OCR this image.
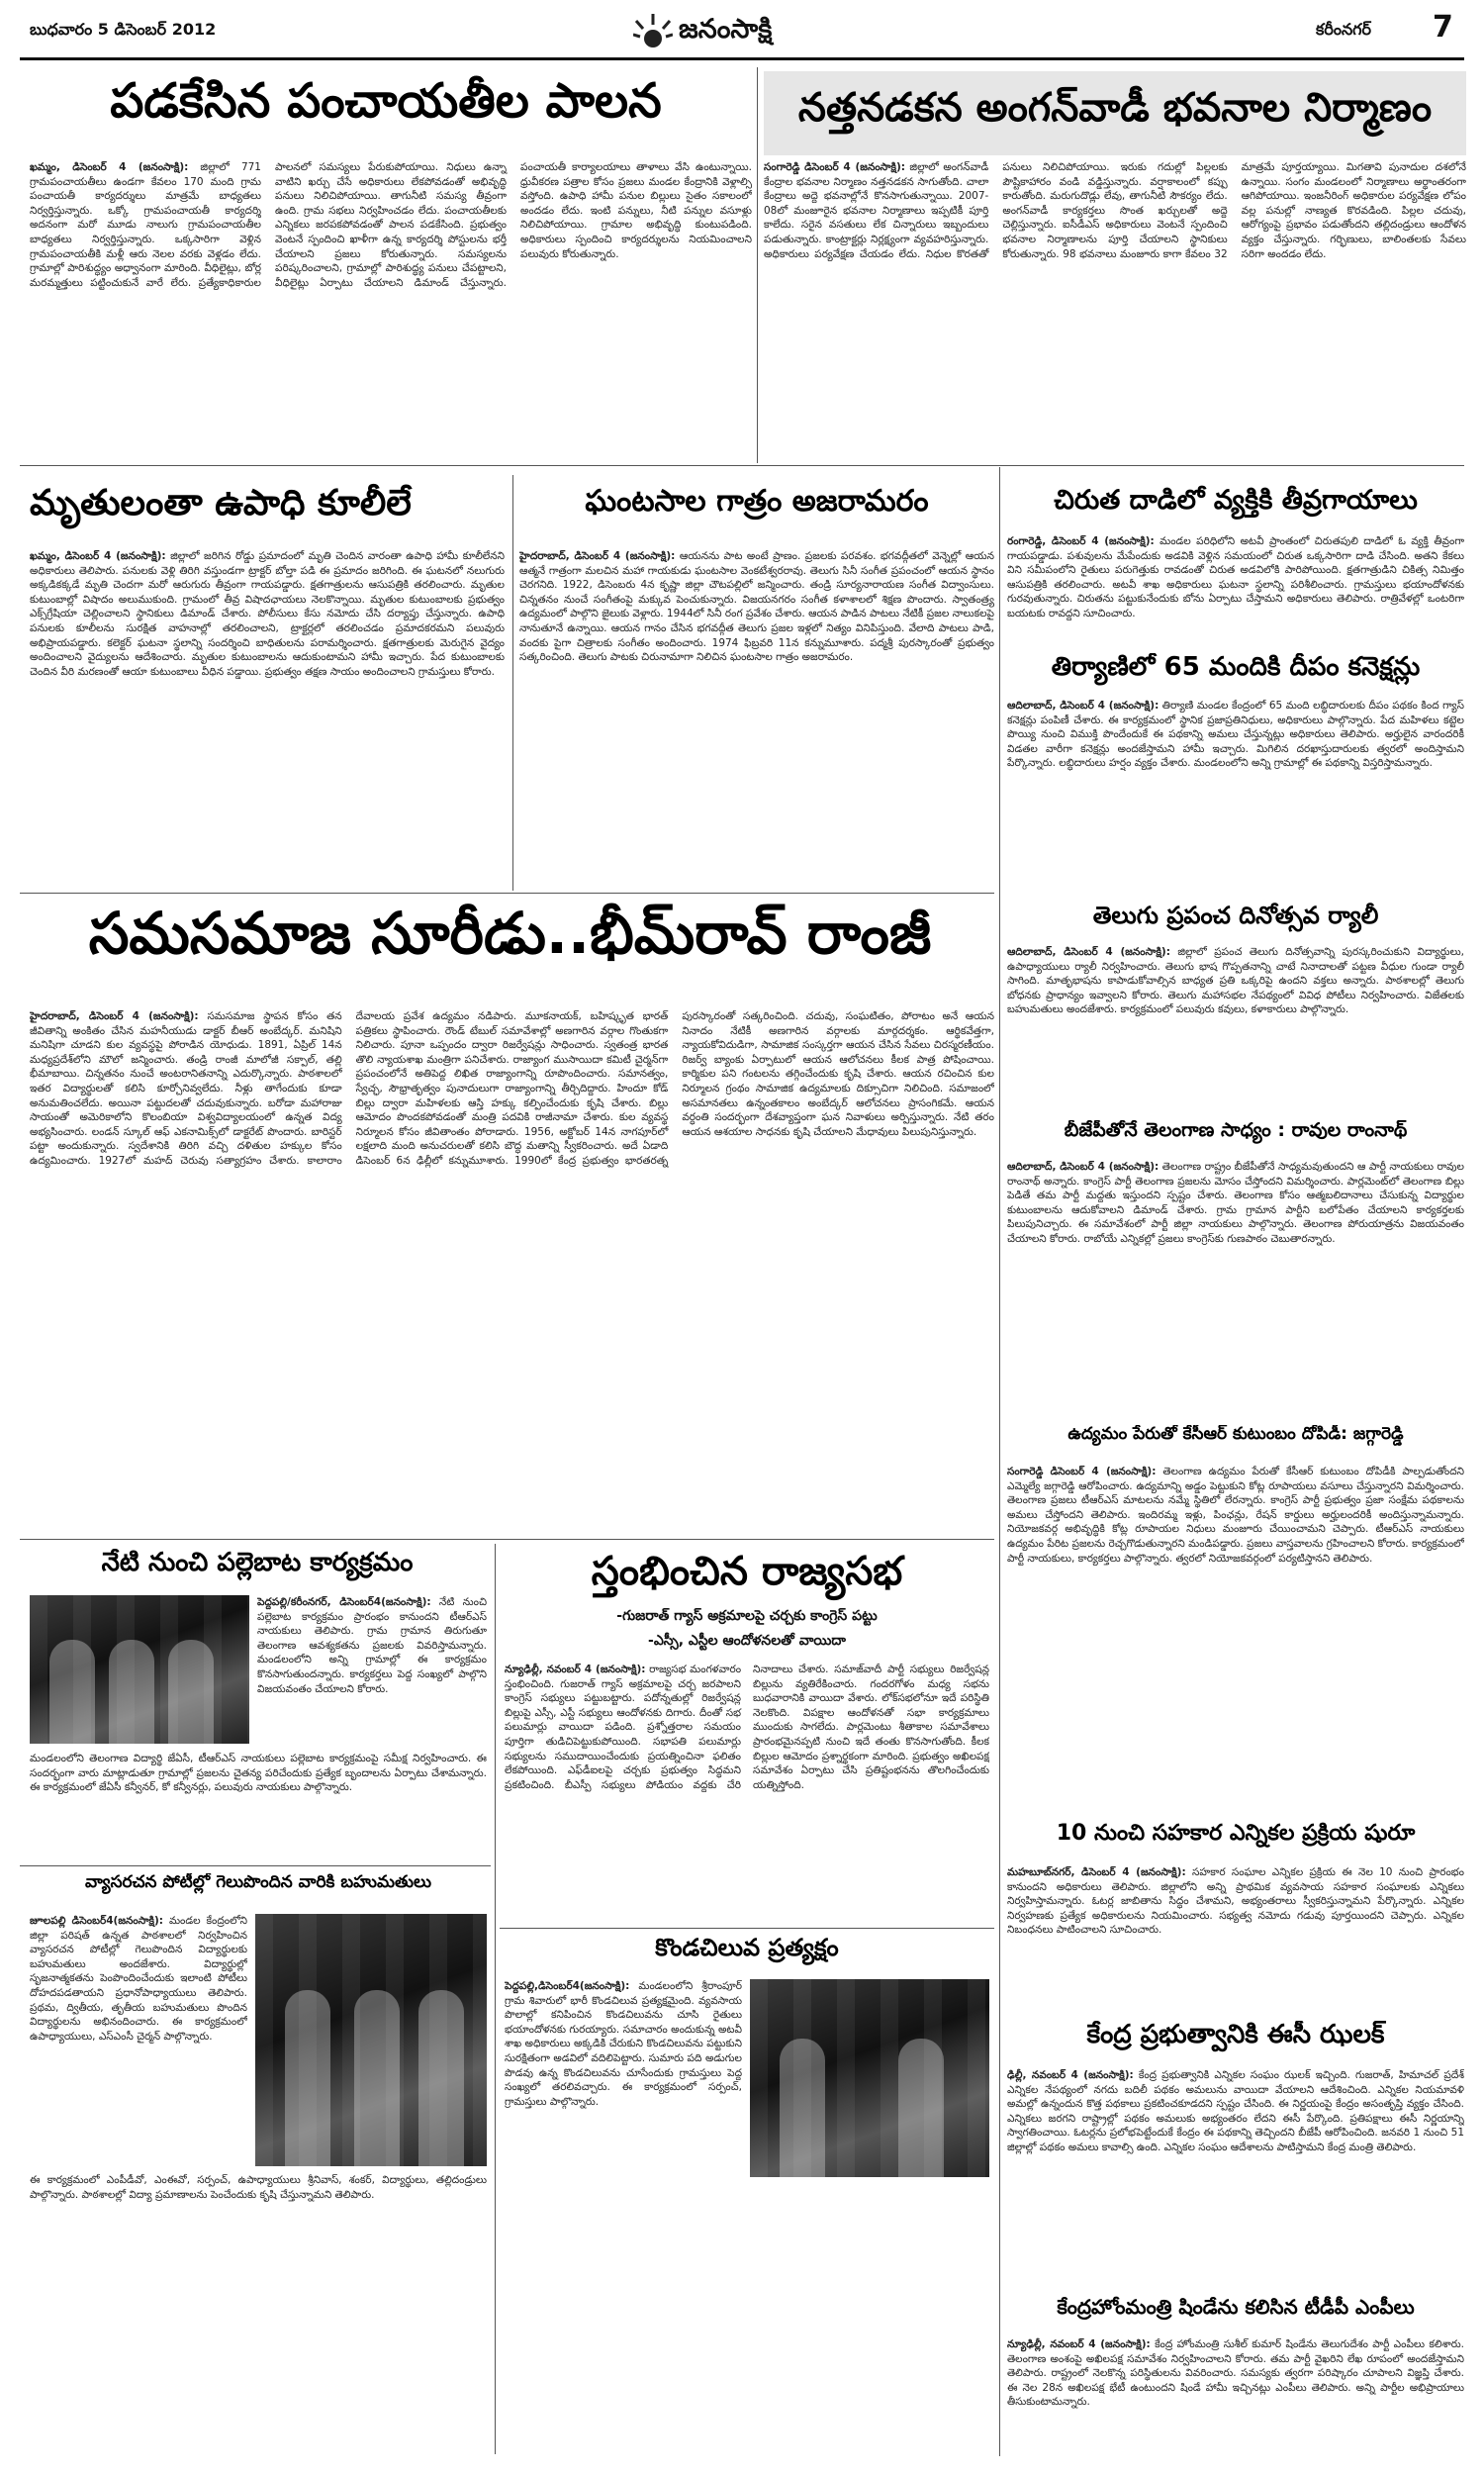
బుధవారం 5 డిసెంబర్ 2012	జనంసాక్షి	కరీంనగర్ 7
పడకేసిన పంచాయతీల పాలన
ఖమ్మం, డిసెంబర్ 4 (జనంసాక్షి): జిల్లాలో 771 గ్రామపంచాయతీలు ఉండగా కేవలం 170 మంది గ్రామ పంచాయతీ కార్యదర్శులు మాత్రమే బాధ్యతలు నిర్వర్తిస్తున్నారు. ఒక్కో గ్రామపంచాయతీ కార్యదర్శి అదనంగా మరో మూడు నాలుగు గ్రామపంచాయతీల బాధ్యతలు నిర్వర్తిస్తున్నారు. ఒక్కసారిగా వెళ్లిన గ్రామపంచాయతీకి మళ్లీ ఆరు నెలల వరకు వెళ్లడం లేదు. గ్రామాల్లో పారిశుద్ధ్యం అధ్వానంగా మారింది. వీధిలైట్లు, బోర్ల మరమ్మత్తులు పట్టించుకునే వారే లేరు. ప్రత్యేకాధికారుల పాలనలో సమస్యలు పేరుకుపోయాయి. నిధులు ఉన్నా వాటిని ఖర్చు చేసే అధికారులు లేకపోవడంతో అభివృద్ధి పనులు నిలిచిపోయాయి. తాగునీటి సమస్య తీవ్రంగా ఉంది. గ్రామ సభలు నిర్వహించడం లేదు. పంచాయతీలకు ఎన్నికలు జరపకపోవడంతో పాలన పడకేసింది. ప్రభుత్వం వెంటనే స్పందించి ఖాళీగా ఉన్న కార్యదర్శి పోస్టులను భర్తీ చేయాలని ప్రజలు కోరుతున్నారు. సమస్యలను పరిష్కరించాలని, గ్రామాల్లో పారిశుద్ధ్య పనులు చేపట్టాలని, వీధిలైట్లు ఏర్పాటు చేయాలని డిమాండ్ చేస్తున్నారు. పంచాయతీ కార్యాలయాలు తాళాలు వేసి ఉంటున్నాయి. ధ్రువీకరణ పత్రాల కోసం ప్రజలు మండల కేంద్రానికి వెళ్లాల్సి వస్తోంది. ఉపాధి హామీ పనుల బిల్లులు సైతం సకాలంలో అందడం లేదు. ఇంటి పన్నులు, నీటి పన్నుల వసూళ్లు నిలిచిపోయాయి. గ్రామాల అభివృద్ధి కుంటుపడింది. అధికారులు స్పందించి కార్యదర్శులను నియమించాలని పలువురు కోరుతున్నారు.
నత్తనడకన అంగన్‌వాడీ భవనాల నిర్మాణం
సంగారెడ్డి డిసెంబర్ 4 (జనంసాక్షి): జిల్లాలో అంగన్‌వాడీ కేంద్రాల భవనాల నిర్మాణం నత్తనడకన సాగుతోంది. చాలా కేంద్రాలు అద్దె భవనాల్లోనే కొనసాగుతున్నాయి. 2007-08లో మంజూరైన భవనాల నిర్మాణాలు ఇప్పటికీ పూర్తి కాలేదు. సరైన వసతులు లేక చిన్నారులు ఇబ్బందులు పడుతున్నారు. కాంట్రాక్టర్లు నిర్లక్ష్యంగా వ్యవహరిస్తున్నారు. అధికారులు పర్యవేక్షణ చేయడం లేదు. నిధుల కొరతతో పనులు నిలిచిపోయాయి. ఇరుకు గదుల్లో పిల్లలకు పౌష్టికాహారం వండి వడ్డిస్తున్నారు. వర్షాకాలంలో కప్పు కారుతోంది. మరుగుదొడ్లు లేవు, తాగునీటి సౌకర్యం లేదు. అంగన్‌వాడీ కార్యకర్తలు సొంత ఖర్చులతో అద్దె చెల్లిస్తున్నారు. ఐసీడీఎస్ అధికారులు వెంటనే స్పందించి భవనాల నిర్మాణాలను పూర్తి చేయాలని స్థానికులు కోరుతున్నారు. 98 భవనాలు మంజూరు కాగా కేవలం 32 మాత్రమే పూర్తయ్యాయి. మిగతావి పునాదుల దశలోనే ఉన్నాయి. సంగం మండలంలో నిర్మాణాలు అర్థాంతరంగా ఆగిపోయాయి. ఇంజనీరింగ్ అధికారుల పర్యవేక్షణ లోపం వల్ల పనుల్లో నాణ్యత కొరవడింది. పిల్లల చదువు, ఆరోగ్యంపై ప్రభావం పడుతోందని తల్లిదండ్రులు ఆందోళన వ్యక్తం చేస్తున్నారు. గర్భిణులు, బాలింతలకు సేవలు సరిగా అందడం లేదు.
మృతులంతా ఉపాధి కూలీలే
ఖమ్మం, డిసెంబర్ 4 (జనంసాక్షి): జిల్లాలో జరిగిన రోడ్డు ప్రమాదంలో మృతి చెందిన వారంతా ఉపాధి హామీ కూలీలేనని అధికారులు తెలిపారు. పనులకు వెళ్లి తిరిగి వస్తుండగా ట్రాక్టర్ బోల్తా పడి ఈ ప్రమాదం జరిగింది. ఈ ఘటనలో నలుగురు అక్కడికక్కడే మృతి చెందగా మరో ఆరుగురు తీవ్రంగా గాయపడ్డారు. క్షతగాత్రులను ఆసుపత్రికి తరలించారు. మృతుల కుటుంబాల్లో విషాదం అలుముకుంది. గ్రామంలో తీవ్ర విషాదఛాయలు నెలకొన్నాయి. మృతుల కుటుంబాలకు ప్రభుత్వం ఎక్స్‌గ్రేషియా చెల్లించాలని స్థానికులు డిమాండ్ చేశారు. పోలీసులు కేసు నమోదు చేసి దర్యాప్తు చేస్తున్నారు. ఉపాధి పనులకు కూలీలను సురక్షిత వాహనాల్లో తరలించాలని, ట్రాక్టర్లలో తరలించడం ప్రమాదకరమని పలువురు అభిప్రాయపడ్డారు. కలెక్టర్ ఘటనా స్థలాన్ని సందర్శించి బాధితులను పరామర్శించారు. క్షతగాత్రులకు మెరుగైన వైద్యం అందించాలని వైద్యులను ఆదేశించారు. మృతుల కుటుంబాలను ఆదుకుంటామని హామీ ఇచ్చారు. పేద కుటుంబాలకు చెందిన వీరి మరణంతో ఆయా కుటుంబాలు వీధిన పడ్డాయి. ప్రభుత్వం తక్షణ సాయం అందించాలని గ్రామస్తులు కోరారు.
ఘంటసాల గాత్రం అజరామరం
హైదరాబాద్, డిసెంబర్ 4 (జనంసాక్షి): ఆయనను పాట అంటే ప్రాణం. ప్రజలకు పరవశం. భగవద్గీతలో వెన్నెల్లో ఆయన ఆత్మనే గాత్రంగా మలచిన మహా గాయకుడు ఘంటసాల వెంకటేశ్వరరావు. తెలుగు సినీ సంగీత ప్రపంచంలో ఆయన స్థానం చెరగనిది. 1922, డిసెంబరు 4న కృష్ణా జిల్లా చౌటపల్లిలో జన్మించారు. తండ్రి సూర్యనారాయణ సంగీత విద్వాంసులు. చిన్నతనం నుంచే సంగీతంపై మక్కువ పెంచుకున్నారు. విజయనగరం సంగీత కళాశాలలో శిక్షణ పొందారు. స్వాతంత్ర్య ఉద్యమంలో పాల్గొని జైలుకు వెళ్లారు. 1944లో సినీ రంగ ప్రవేశం చేశారు. ఆయన పాడిన పాటలు నేటికీ ప్రజల నాలుకలపై నానుతూనే ఉన్నాయి. ఆయన గానం చేసిన భగవద్గీత తెలుగు ప్రజల ఇళ్లలో నిత్యం వినిపిస్తుంది. వేలాది పాటలు పాడి, వందకు పైగా చిత్రాలకు సంగీతం అందించారు. 1974 ఫిబ్రవరి 11న కన్నుమూశారు. పద్మశ్రీ పురస్కారంతో ప్రభుత్వం సత్కరించింది. తెలుగు పాటకు చిరునామాగా నిలిచిన ఘంటసాల గాత్రం అజరామరం.
చిరుత దాడిలో వ్యక్తికి తీవ్రగాయాలు
రంగారెడ్డి, డిసెంబర్ 4 (జనంసాక్షి): మండల పరిధిలోని అటవీ ప్రాంతంలో చిరుతపులి దాడిలో ఓ వ్యక్తి తీవ్రంగా గాయపడ్డాడు. పశువులను మేపేందుకు అడవికి వెళ్లిన సమయంలో చిరుత ఒక్కసారిగా దాడి చేసింది. అతని కేకలు విని సమీపంలోని రైతులు పరుగెత్తుకు రావడంతో చిరుత అడవిలోకి పారిపోయింది. క్షతగాత్రుడిని చికిత్స నిమిత్తం ఆసుపత్రికి తరలించారు. అటవీ శాఖ అధికారులు ఘటనా స్థలాన్ని పరిశీలించారు. గ్రామస్తులు భయాందోళనకు గురవుతున్నారు. చిరుతను పట్టుకునేందుకు బోను ఏర్పాటు చేస్తామని అధికారులు తెలిపారు. రాత్రివేళల్లో ఒంటరిగా బయటకు రావద్దని సూచించారు.
తిర్యాణిలో 65 మందికి దీపం కనెక్షన్లు
ఆదిలాబాద్, డిసెంబర్ 4 (జనంసాక్షి): తిర్యాణి మండల కేంద్రంలో 65 మంది లబ్ధిదారులకు దీపం పథకం కింద గ్యాస్ కనెక్షన్లు పంపిణీ చేశారు. ఈ కార్యక్రమంలో స్థానిక ప్రజాప్రతినిధులు, అధికారులు పాల్గొన్నారు. పేద మహిళలు కట్టెల పొయ్యి నుంచి విముక్తి పొందేందుకే ఈ పథకాన్ని అమలు చేస్తున్నట్లు అధికారులు తెలిపారు. అర్హులైన వారందరికీ విడతల వారీగా కనెక్షన్లు అందజేస్తామని హామీ ఇచ్చారు. మిగిలిన దరఖాస్తుదారులకు త్వరలో అందిస్తామని పేర్కొన్నారు. లబ్ధిదారులు హర్షం వ్యక్తం చేశారు. మండలంలోని అన్ని గ్రామాల్లో ఈ పథకాన్ని విస్తరిస్తామన్నారు.
తెలుగు ప్రపంచ దినోత్సవ ర్యాలీ
ఆదిలాబాద్, డిసెంబర్ 4 (జనంసాక్షి): జిల్లాలో ప్రపంచ తెలుగు దినోత్సవాన్ని పురస్కరించుకుని విద్యార్థులు, ఉపాధ్యాయులు ర్యాలీ నిర్వహించారు. తెలుగు భాష గొప్పతనాన్ని చాటే నినాదాలతో పట్టణ వీధుల గుండా ర్యాలీ సాగింది. మాతృభాషను కాపాడుకోవాల్సిన బాధ్యత ప్రతి ఒక్కరిపై ఉందని వక్తలు అన్నారు. పాఠశాలల్లో తెలుగు బోధనకు ప్రాధాన్యం ఇవ్వాలని కోరారు. తెలుగు మహాసభల నేపథ్యంలో వివిధ పోటీలు నిర్వహించారు. విజేతలకు బహుమతులు అందజేశారు. కార్యక్రమంలో పలువురు కవులు, కళాకారులు పాల్గొన్నారు.
బీజేపీతోనే తెలంగాణ సాధ్యం : రావుల రాంనాథ్
ఆదిలాబాద్, డిసెంబర్ 4 (జనంసాక్షి): తెలంగాణ రాష్ట్రం బీజేపీతోనే సాధ్యమవుతుందని ఆ పార్టీ నాయకులు రావుల రాంనాథ్ అన్నారు. కాంగ్రెస్ పార్టీ తెలంగాణ ప్రజలను మోసం చేస్తోందని విమర్శించారు. పార్లమెంట్‌లో తెలంగాణ బిల్లు పెడితే తమ పార్టీ మద్దతు ఇస్తుందని స్పష్టం చేశారు. తెలంగాణ కోసం ఆత్మబలిదానాలు చేసుకున్న విద్యార్థుల కుటుంబాలను ఆదుకోవాలని డిమాండ్ చేశారు. గ్రామ గ్రామాన పార్టీని బలోపేతం చేయాలని కార్యకర్తలకు పిలుపునిచ్చారు. ఈ సమావేశంలో పార్టీ జిల్లా నాయకులు పాల్గొన్నారు. తెలంగాణ పోరుయాత్రను విజయవంతం చేయాలని కోరారు. రాబోయే ఎన్నికల్లో ప్రజలు కాంగ్రెస్‌కు గుణపాఠం చెబుతారన్నారు.
ఉద్యమం పేరుతో కేసీఆర్ కుటుంబం దోపిడీ: జగ్గారెడ్డి
సంగారెడ్డి డిసెంబర్ 4 (జనంసాక్షి): తెలంగాణ ఉద్యమం పేరుతో కేసీఆర్ కుటుంబం దోపిడీకి పాల్పడుతోందని ఎమ్మెల్యే జగ్గారెడ్డి ఆరోపించారు. ఉద్యమాన్ని అడ్డం పెట్టుకుని కోట్ల రూపాయలు వసూలు చేస్తున్నారని విమర్శించారు. తెలంగాణ ప్రజలు టీఆర్ఎస్ మాటలను నమ్మే స్థితిలో లేరన్నారు. కాంగ్రెస్ పార్టీ ప్రభుత్వం ప్రజా సంక్షేమ పథకాలను అమలు చేస్తోందని తెలిపారు. ఇందిరమ్మ ఇళ్లు, పింఛన్లు, రేషన్ కార్డులు అర్హులందరికీ అందిస్తున్నామన్నారు. నియోజకవర్గ అభివృద్ధికి కోట్ల రూపాయల నిధులు మంజూరు చేయించామని చెప్పారు. టీఆర్ఎస్ నాయకులు ఉద్యమం పేరిట ప్రజలను రెచ్చగొడుతున్నారని మండిపడ్డారు. ప్రజలు వాస్తవాలను గ్రహించాలని కోరారు. కార్యక్రమంలో పార్టీ నాయకులు, కార్యకర్తలు పాల్గొన్నారు. త్వరలో నియోజకవర్గంలో పర్యటిస్తానని తెలిపారు.
10 నుంచి సహకార ఎన్నికల ప్రక్రియ షురూ
మహబూబ్‌నగర్, డిసెంబర్ 4 (జనంసాక్షి): సహకార సంఘాల ఎన్నికల ప్రక్రియ ఈ నెల 10 నుంచి ప్రారంభం కానుందని అధికారులు తెలిపారు. జిల్లాలోని అన్ని ప్రాథమిక వ్యవసాయ సహకార సంఘాలకు ఎన్నికలు నిర్వహిస్తామన్నారు. ఓటర్ల జాబితాను సిద్ధం చేశామని, అభ్యంతరాలు స్వీకరిస్తున్నామని పేర్కొన్నారు. ఎన్నికల నిర్వహణకు ప్రత్యేక అధికారులను నియమించారు. సభ్యత్వ నమోదు గడువు పూర్తయిందని చెప్పారు. ఎన్నికల నిబంధనలు పాటించాలని సూచించారు.
కేంద్ర ప్రభుత్వానికి ఈసీ ఝలక్
ఢిల్లీ, నవంబర్ 4 (జనంసాక్షి): కేంద్ర ప్రభుత్వానికి ఎన్నికల సంఘం ఝలక్ ఇచ్చింది. గుజరాత్, హిమాచల్ ప్రదేశ్ ఎన్నికల నేపథ్యంలో నగదు బదిలీ పథకం అమలును వాయిదా వేయాలని ఆదేశించింది. ఎన్నికల నియమావళి అమల్లో ఉన్నందున కొత్త పథకాలు ప్రకటించకూడదని స్పష్టం చేసింది. ఈ నిర్ణయంపై కేంద్రం అసంతృప్తి వ్యక్తం చేసింది. ఎన్నికలు జరగని రాష్ట్రాల్లో పథకం అమలుకు అభ్యంతరం లేదని ఈసీ పేర్కొంది. ప్రతిపక్షాలు ఈసీ నిర్ణయాన్ని స్వాగతించాయి. ఓటర్లను ప్రలోభపెట్టేందుకే కేంద్రం ఈ పథకాన్ని తెచ్చిందని బీజేపీ ఆరోపించింది. జనవరి 1 నుంచి 51 జిల్లాల్లో పథకం అమలు కావాల్సి ఉంది. ఎన్నికల సంఘం ఆదేశాలను పాటిస్తామని కేంద్ర మంత్రి తెలిపారు.
కేంద్రహోంమంత్రి షిండేను కలిసిన టీడీపీ ఎంపీలు
న్యూఢిల్లీ, నవంబర్ 4 (జనంసాక్షి): కేంద్ర హోంమంత్రి సుశీల్ కుమార్ షిండేను తెలుగుదేశం పార్టీ ఎంపీలు కలిశారు. తెలంగాణ అంశంపై అఖిలపక్ష సమావేశం నిర్వహించాలని కోరారు. తమ పార్టీ వైఖరిని లేఖ రూపంలో అందజేస్తామని తెలిపారు. రాష్ట్రంలో నెలకొన్న పరిస్థితులను వివరించారు. సమస్యకు త్వరగా పరిష్కారం చూపాలని విజ్ఞప్తి చేశారు. ఈ నెల 28న అఖిలపక్ష భేటీ ఉంటుందని షిండే హామీ ఇచ్చినట్లు ఎంపీలు తెలిపారు. అన్ని పార్టీల అభిప్రాయాలు తీసుకుంటామన్నారు.
సమసమాజ సూరీడు..భీమ్‌రావ్ రాంజీ
హైదరాబాద్, డిసెంబర్ 4 (జనంసాక్షి): సమసమాజ స్థాపన కోసం తన జీవితాన్ని అంకితం చేసిన మహనీయుడు డాక్టర్ బీఆర్ అంబేద్కర్. మనిషిని మనిషిగా చూడని కుల వ్యవస్థపై పోరాడిన యోధుడు. 1891, ఏప్రిల్ 14న మధ్యప్రదేశ్‌లోని మౌలో జన్మించారు. తండ్రి రాంజీ మాలోజీ సక్పాల్, తల్లి భీమాబాయి. చిన్నతనం నుంచే అంటరానితనాన్ని ఎదుర్కొన్నారు. పాఠశాలలో ఇతర విద్యార్థులతో కలిసి కూర్చోనివ్వలేదు. నీళ్లు తాగేందుకు కూడా అనుమతించలేదు. అయినా పట్టుదలతో చదువుకున్నారు. బరోడా మహారాజు సాయంతో అమెరికాలోని కొలంబియా విశ్వవిద్యాలయంలో ఉన్నత విద్య అభ్యసించారు. లండన్ స్కూల్ ఆఫ్ ఎకనామిక్స్‌లో డాక్టరేట్ పొందారు. బారిస్టర్ పట్టా అందుకున్నారు. స్వదేశానికి తిరిగి వచ్చి దళితుల హక్కుల కోసం ఉద్యమించారు. 1927లో మహద్ చెరువు సత్యాగ్రహం చేశారు. కాలారాం దేవాలయ ప్రవేశ ఉద్యమం నడిపారు. మూకనాయక్, బహిష్కృత భారత్ పత్రికలు స్థాపించారు. రౌండ్ టేబుల్ సమావేశాల్లో అణగారిన వర్గాల గొంతుకగా నిలిచారు. పూనా ఒప్పందం ద్వారా రిజర్వేషన్లు సాధించారు. స్వతంత్ర భారత తొలి న్యాయశాఖ మంత్రిగా పనిచేశారు. రాజ్యాంగ ముసాయిదా కమిటీ చైర్మన్‌గా ప్రపంచంలోనే అతిపెద్ద లిఖిత రాజ్యాంగాన్ని రూపొందించారు. సమానత్వం, స్వేచ్ఛ, సౌభ్రాతృత్వం పునాదులుగా రాజ్యాంగాన్ని తీర్చిదిద్దారు. హిందూ కోడ్ బిల్లు ద్వారా మహిళలకు ఆస్తి హక్కు కల్పించేందుకు కృషి చేశారు. బిల్లు ఆమోదం పొందకపోవడంతో మంత్రి పదవికి రాజీనామా చేశారు. కుల వ్యవస్థ నిర్మూలన కోసం జీవితాంతం పోరాడారు. 1956, అక్టోబర్ 14న నాగపూర్‌లో లక్షలాది మంది అనుచరులతో కలిసి బౌద్ధ మతాన్ని స్వీకరించారు. అదే ఏడాది డిసెంబర్ 6న ఢిల్లీలో కన్నుమూశారు. 1990లో కేంద్ర ప్రభుత్వం భారతరత్న పురస్కారంతో సత్కరించింది. చదువు, సంఘటితం, పోరాటం అనే ఆయన నినాదం నేటికీ అణగారిన వర్గాలకు మార్గదర్శకం. ఆర్థికవేత్తగా, న్యాయకోవిదుడిగా, సామాజిక సంస్కర్తగా ఆయన చేసిన సేవలు చిరస్మరణీయం. రిజర్వ్ బ్యాంకు ఏర్పాటులో ఆయన ఆలోచనలు కీలక పాత్ర పోషించాయి. కార్మికుల పని గంటలను తగ్గించేందుకు కృషి చేశారు. ఆయన రచించిన కుల నిర్మూలన గ్రంథం సామాజిక ఉద్యమాలకు దిక్సూచిగా నిలిచింది. సమాజంలో అసమానతలు ఉన్నంతకాలం అంబేద్కర్ ఆలోచనలు ప్రాసంగికమే. ఆయన వర్ధంతి సందర్భంగా దేశవ్యాప్తంగా ఘన నివాళులు అర్పిస్తున్నారు. నేటి తరం ఆయన ఆశయాల సాధనకు కృషి చేయాలని మేధావులు పిలుపునిస్తున్నారు.
నేటి నుంచి పల్లెబాట కార్యక్రమం
పెద్దపల్లి/కరీంనగర్, డిసెంబర్4(జనంసాక్షి): నేటి నుంచి పల్లెబాట కార్యక్రమం ప్రారంభం కానుందని టీఆర్ఎస్ నాయకులు తెలిపారు. గ్రామ గ్రామాన తిరుగుతూ తెలంగాణ ఆవశ్యకతను ప్రజలకు వివరిస్తామన్నారు. మండలంలోని అన్ని గ్రామాల్లో ఈ కార్యక్రమం కొనసాగుతుందన్నారు. కార్యకర్తలు పెద్ద సంఖ్యలో పాల్గొని విజయవంతం చేయాలని కోరారు.
మండలంలోని తెలంగాణ విద్యార్థి జేఏసీ, టీఆర్ఎస్ నాయకులు పల్లెబాట కార్యక్రమంపై సమీక్ష నిర్వహించారు. ఈ సందర్భంగా వారు మాట్లాడుతూ గ్రామాల్లో ప్రజలను చైతన్య పరిచేందుకు ప్రత్యేక బృందాలను ఏర్పాటు చేశామన్నారు. ఈ కార్యక్రమంలో జేఏసీ కన్వీనర్, కో కన్వీనర్లు, పలువురు నాయకులు పాల్గొన్నారు.
వ్యాసరచన పోటీల్లో గెలుపొందిన వారికి బహుమతులు
జూలపల్లి డిసెంబర్4(జనంసాక్షి): మండల కేంద్రంలోని జిల్లా పరిషత్ ఉన్నత పాఠశాలలో నిర్వహించిన వ్యాసరచన పోటీల్లో గెలుపొందిన విద్యార్థులకు బహుమతులు అందజేశారు. విద్యార్థుల్లో సృజనాత్మకతను పెంపొందించేందుకు ఇలాంటి పోటీలు దోహదపడతాయని ప్రధానోపాధ్యాయులు తెలిపారు. ప్రథమ, ద్వితీయ, తృతీయ బహుమతులు పొందిన విద్యార్థులను అభినందించారు. ఈ కార్యక్రమంలో ఉపాధ్యాయులు, ఎస్‌ఎంసీ చైర్మన్ పాల్గొన్నారు.
ఈ కార్యక్రమంలో ఎంపీడీవో, ఎంఈవో, సర్పంచ్, ఉపాధ్యాయులు శ్రీనివాస్, శంకర్, విద్యార్థులు, తల్లిదండ్రులు పాల్గొన్నారు. పాఠశాలల్లో విద్యా ప్రమాణాలను పెంచేందుకు కృషి చేస్తున్నామని తెలిపారు.
స్తంభించిన రాజ్యసభ
-గుజరాత్ గ్యాస్ అక్రమాలపై చర్చకు కాంగ్రెస్ పట్టు
-ఎస్సీ, ఎస్టీల ఆందోళనలతో వాయిదా
న్యూఢిల్లీ, నవంబర్ 4 (జనంసాక్షి): రాజ్యసభ మంగళవారం స్తంభించింది. గుజరాత్ గ్యాస్ అక్రమాలపై చర్చ జరపాలని కాంగ్రెస్ సభ్యులు పట్టుబట్టారు. పదోన్నతుల్లో రిజర్వేషన్ల బిల్లుపై ఎస్సీ, ఎస్టీ సభ్యులు ఆందోళనకు దిగారు. దీంతో సభ పలుమార్లు వాయిదా పడింది. ప్రశ్నోత్తరాల సమయం పూర్తిగా తుడిచిపెట్టుకుపోయింది. సభాపతి పలుమార్లు సభ్యులను సముదాయించేందుకు ప్రయత్నించినా ఫలితం లేకపోయింది. ఎఫ్‌డీఐలపై చర్చకు ప్రభుత్వం సిద్ధమని ప్రకటించింది. బీఎస్పీ సభ్యులు పోడియం వద్దకు చేరి నినాదాలు చేశారు. సమాజ్‌వాదీ పార్టీ సభ్యులు రిజర్వేషన్ల బిల్లును వ్యతిరేకించారు. గందరగోళం మధ్య సభను బుధవారానికి వాయిదా వేశారు. లోక్‌సభలోనూ ఇదే పరిస్థితి నెలకొంది. విపక్షాల ఆందోళనతో సభా కార్యక్రమాలు ముందుకు సాగలేదు. పార్లమెంటు శీతాకాల సమావేశాలు ప్రారంభమైనప్పటి నుంచి ఇదే తంతు కొనసాగుతోంది. కీలక బిల్లుల ఆమోదం ప్రశ్నార్థకంగా మారింది. ప్రభుత్వం అఖిలపక్ష సమావేశం ఏర్పాటు చేసి ప్రతిష్టంభనను తొలగించేందుకు యత్నిస్తోంది.
కొండచిలువ ప్రత్యక్షం
పెద్దపల్లి,డిసెంబర్4(జనంసాక్షి): మండలంలోని శ్రీరాంపూర్ గ్రామ శివారులో భారీ కొండచిలువ ప్రత్యక్షమైంది. వ్యవసాయ పొలాల్లో కనిపించిన కొండచిలువను చూసి రైతులు భయాందోళనకు గురయ్యారు. సమాచారం అందుకున్న అటవీ శాఖ అధికారులు అక్కడికి చేరుకుని కొండచిలువను పట్టుకుని సురక్షితంగా అడవిలో వదిలిపెట్టారు. సుమారు పది అడుగుల పొడవు ఉన్న కొండచిలువను చూసేందుకు గ్రామస్తులు పెద్ద సంఖ్యలో తరలివచ్చారు. ఈ కార్యక్రమంలో సర్పంచ్, గ్రామస్తులు పాల్గొన్నారు.
